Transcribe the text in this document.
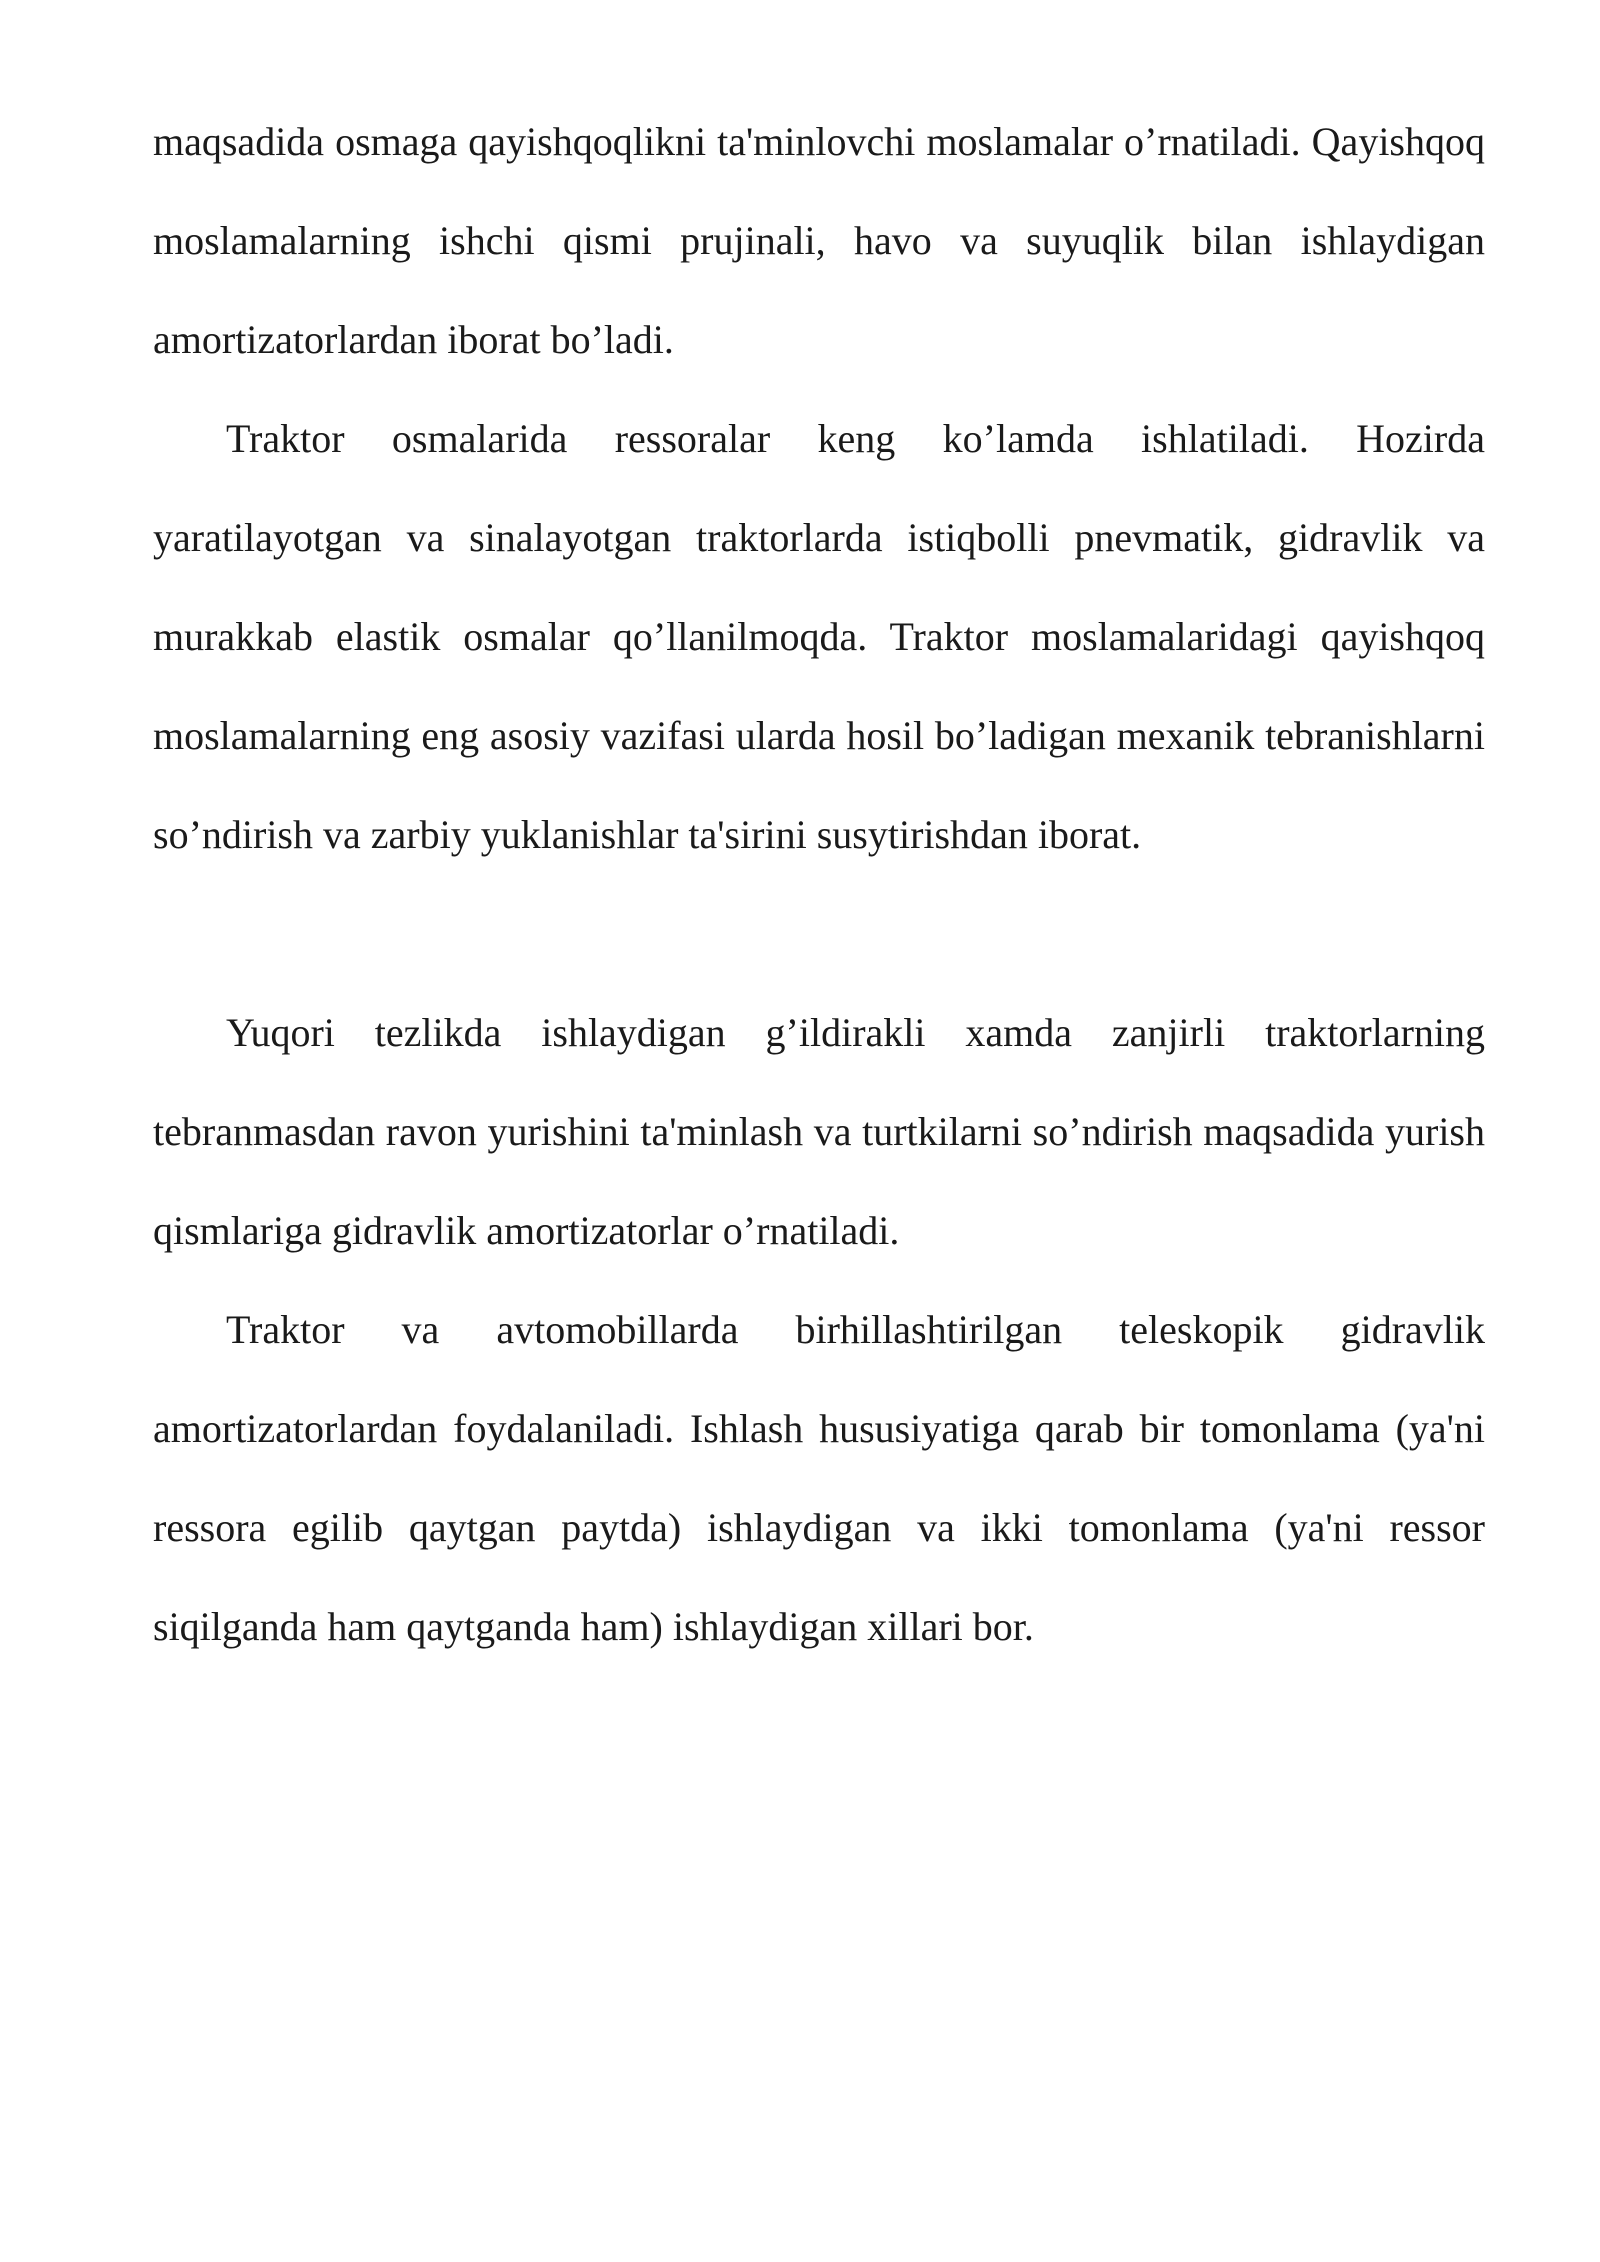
maqsadida osmaga qayishqoqlikni ta'minlovchi moslamalar o’rnatiladi. Qayishqoq moslamalarning ishchi qismi prujinali, havo va suyuqlik bilan ishlaydigan amortizatorlardan iborat bo’ladi.

Traktor osmalarida ressoralar keng ko’lamda ishlatiladi. Hozirda yaratilayotgan va sinalayotgan traktorlarda istiqbolli pnevmatik, gidravlik va murakkab elastik osmalar qo’llanilmoqda. Traktor moslamalaridagi qayishqoq moslamalarning eng asosiy vazifasi ularda hosil bo’ladigan mexanik tebranishlarni so’ndirish va zarbiy yuklanishlar ta'sirini susytirishdan iborat.

Yuqori tezlikda ishlaydigan g’ildirakli xamda zanjirli traktorlarning tebranmasdan ravon yurishini ta'minlash va turtkilarni so’ndirish maqsadida yurish qismlariga gidravlik amortizatorlar o’rnatiladi.

Traktor va avtomobillarda birhillashtirilgan teleskopik gidravlik amortizatorlardan foydalaniladi. Ishlash hususiyatiga qarab bir tomonlama (ya'ni ressora egilib qaytgan paytda) ishlaydigan va ikki tomonlama (ya'ni ressor siqilganda ham qaytganda ham) ishlaydigan xillari bor.
